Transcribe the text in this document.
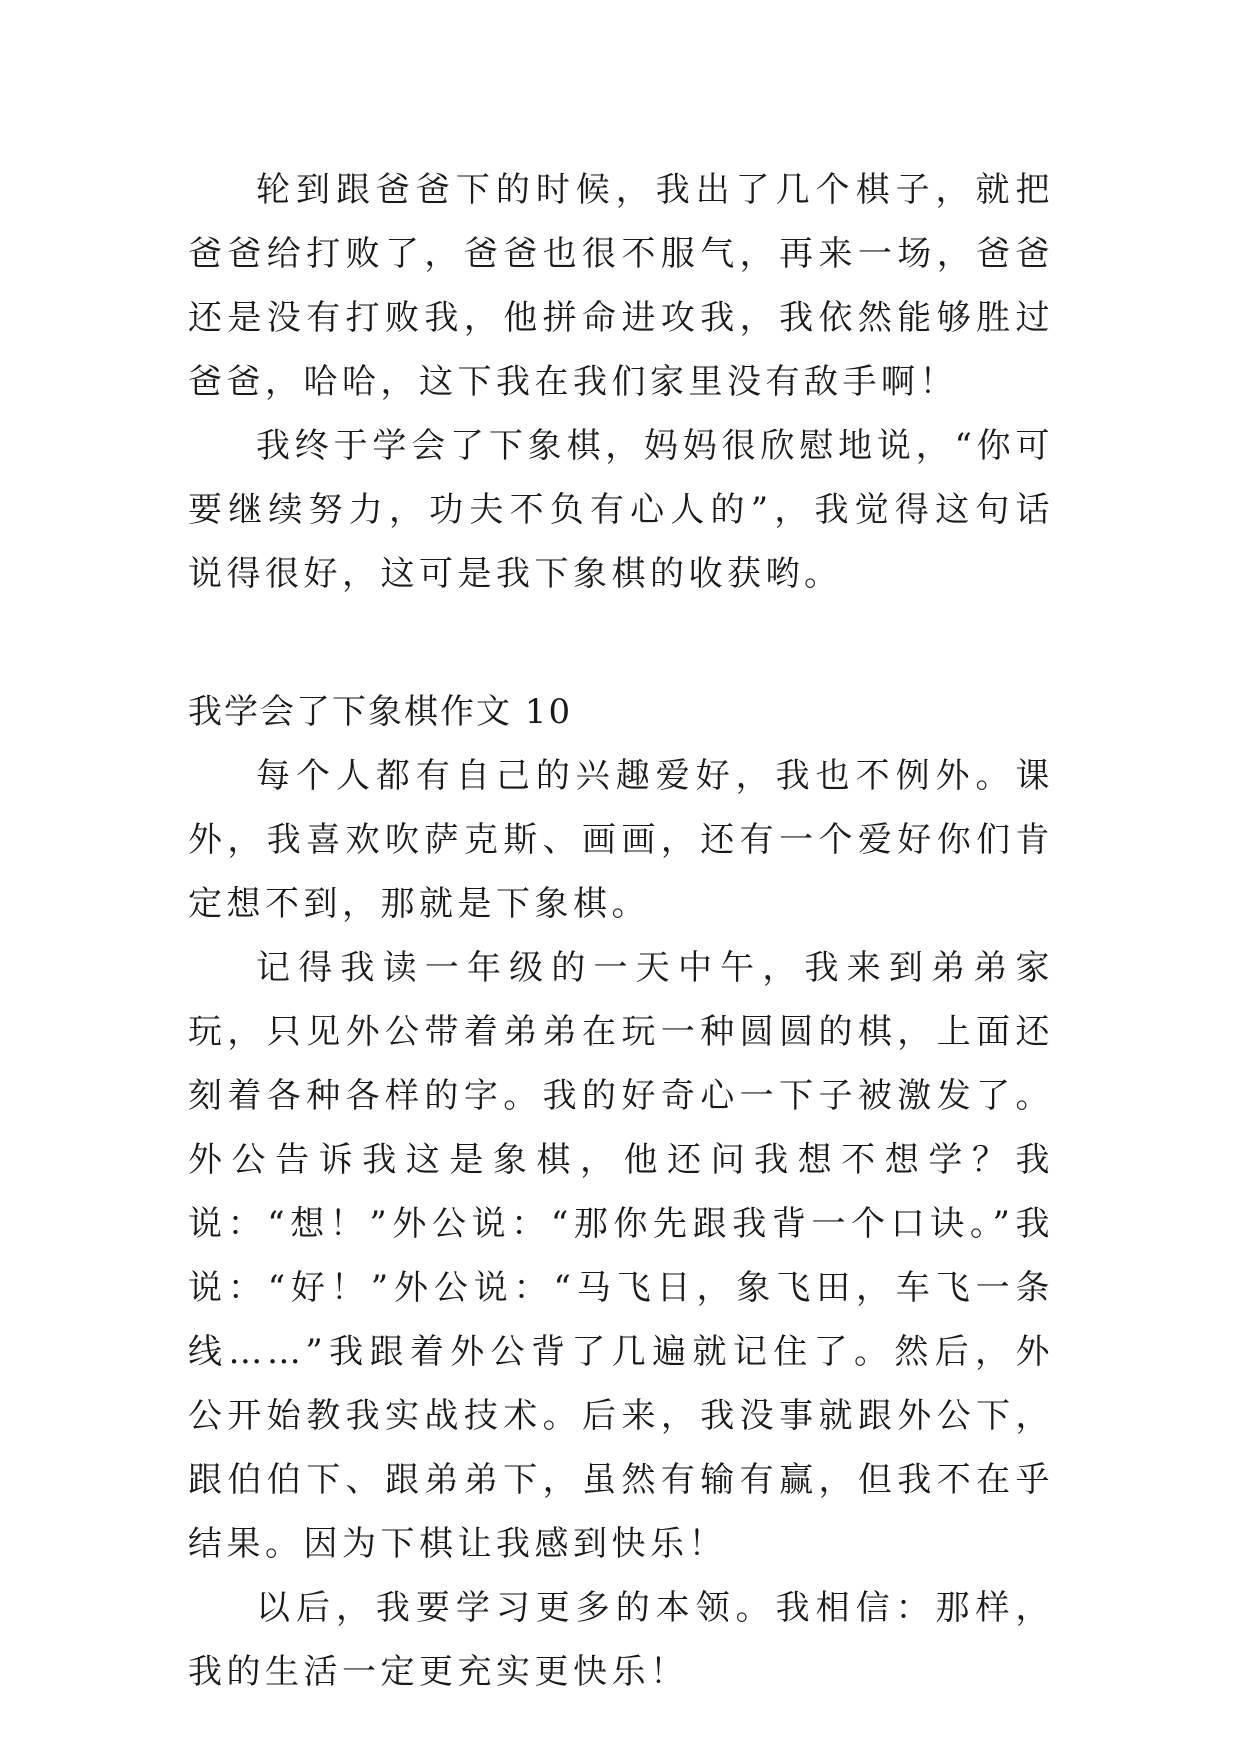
轮到跟爸爸下的时候，我出了几个棋子，就把爸爸给打败了，爸爸也很不服气，再来一场，爸爸还是没有打败我，他拼命进攻我，我依然能够胜过爸爸，哈哈，这下我在我们家里没有敌手啊！

我终于学会了下象棋，妈妈很欣慰地说，“你可要继续努力，功夫不负有心人的”，我觉得这句话说得很好，这可是我下象棋的收获哟。

我学会了下象棋作文 10

每个人都有自己的兴趣爱好，我也不例外。课外，我喜欢吹萨克斯、画画，还有一个爱好你们肯定想不到，那就是下象棋。

记得我读一年级的一天中午，我来到弟弟家玩，只见外公带着弟弟在玩一种圆圆的棋，上面还刻着各种各样的字。我的好奇心一下子被激发了。外公告诉我这是象棋，他还问我想不想学？我说：“想！”外公说：“那你先跟我背一个口诀。”我说：“好！”外公说：“马飞日，象飞田，车飞一条线……”我跟着外公背了几遍就记住了。然后，外公开始教我实战技术。后来，我没事就跟外公下，跟伯伯下、跟弟弟下，虽然有输有赢，但我不在乎结果。因为下棋让我感到快乐！

以后，我要学习更多的本领。我相信：那样，我的生活一定更充实更快乐！
